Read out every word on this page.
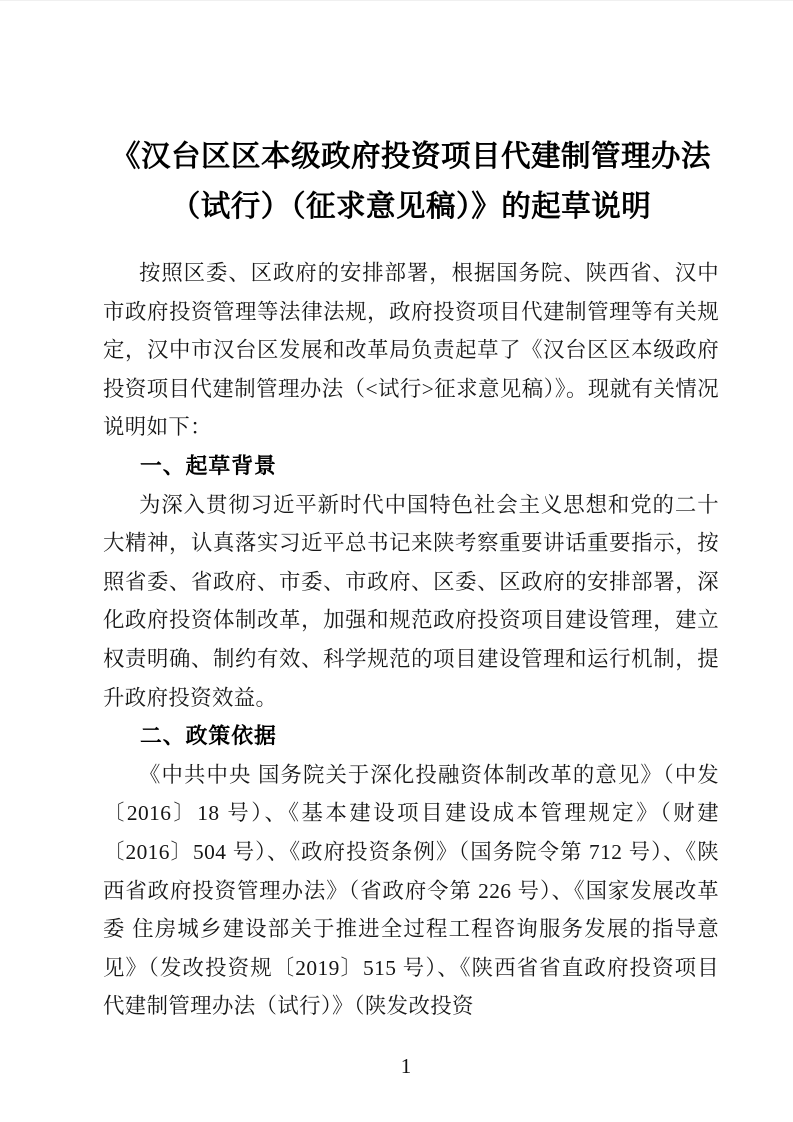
《汉台区区本级政府投资项目代建制管理办法
（试行）（征求意见稿）》的起草说明

按照区委、区政府的安排部署，根据国务院、陕西省、汉中市政府投资管理等法律法规，政府投资项目代建制管理等有关规定，汉中市汉台区发展和改革局负责起草了《汉台区区本级政府投资项目代建制管理办法（<试行>征求意见稿）》。现就有关情况说明如下：

一、起草背景

为深入贯彻习近平新时代中国特色社会主义思想和党的二十大精神，认真落实习近平总书记来陕考察重要讲话重要指示，按照省委、省政府、市委、市政府、区委、区政府的安排部署，深化政府投资体制改革，加强和规范政府投资项目建设管理，建立权责明确、制约有效、科学规范的项目建设管理和运行机制，提升政府投资效益。

二、政策依据

《中共中央 国务院关于深化投融资体制改革的意见》（中发〔2016〕18 号）、《基本建设项目建设成本管理规定》（财建〔2016〕504 号）、《政府投资条例》（国务院令第 712 号）、《陕西省政府投资管理办法》（省政府令第 226 号）、《国家发展改革委 住房城乡建设部关于推进全过程工程咨询服务发展的指导意见》（发改投资规〔2019〕515 号）、《陕西省省直政府投资项目代建制管理办法（试行）》（陕发改投资

1
